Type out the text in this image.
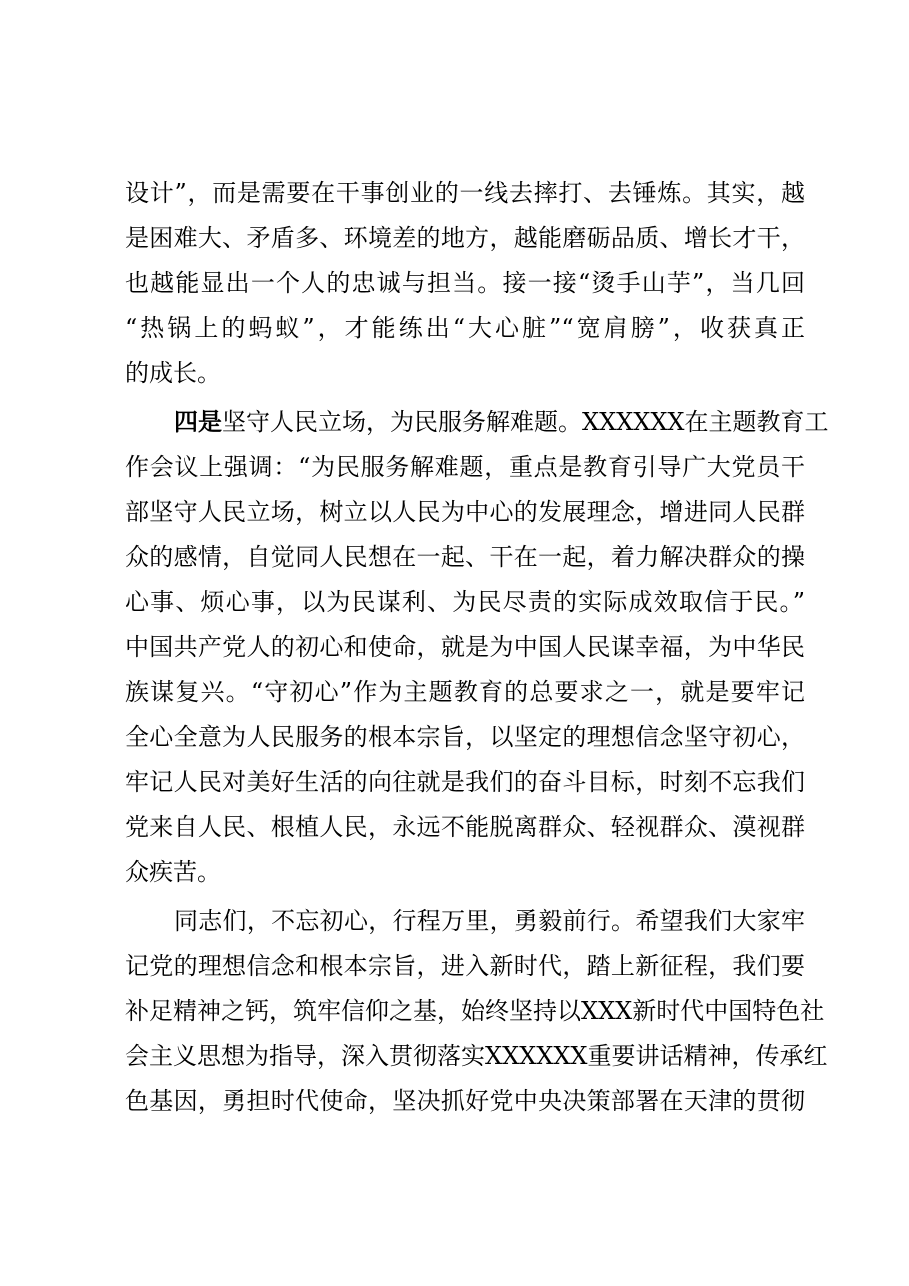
设计”，而是需要在干事创业的一线去摔打、去锤炼。其实，越
是困难大、矛盾多、环境差的地方，越能磨砺品质、增长才干，
也越能显出一个人的忠诚与担当。接一接“烫手山芋”，当几回
“热锅上的蚂蚁”，才能练出“大心脏”“宽肩膀”，收获真正
的成长。
四是坚守人民立场，为民服务解难题。XXXXXX在主题教育工
作会议上强调：“为民服务解难题，重点是教育引导广大党员干
部坚守人民立场，树立以人民为中心的发展理念，增进同人民群
众的感情，自觉同人民想在一起、干在一起，着力解决群众的操
心事、烦心事，以为民谋利、为民尽责的实际成效取信于民。”
中国共产党人的初心和使命，就是为中国人民谋幸福，为中华民
族谋复兴。“守初心”作为主题教育的总要求之一，就是要牢记
全心全意为人民服务的根本宗旨，以坚定的理想信念坚守初心，
牢记人民对美好生活的向往就是我们的奋斗目标，时刻不忘我们
党来自人民、根植人民，永远不能脱离群众、轻视群众、漠视群
众疾苦。
同志们，不忘初心，行程万里，勇毅前行。希望我们大家牢
记党的理想信念和根本宗旨，进入新时代，踏上新征程，我们要
补足精神之钙，筑牢信仰之基，始终坚持以XXX新时代中国特色社
会主义思想为指导，深入贯彻落实XXXXXX重要讲话精神，传承红
色基因，勇担时代使命，坚决抓好党中央决策部署在天津的贯彻
